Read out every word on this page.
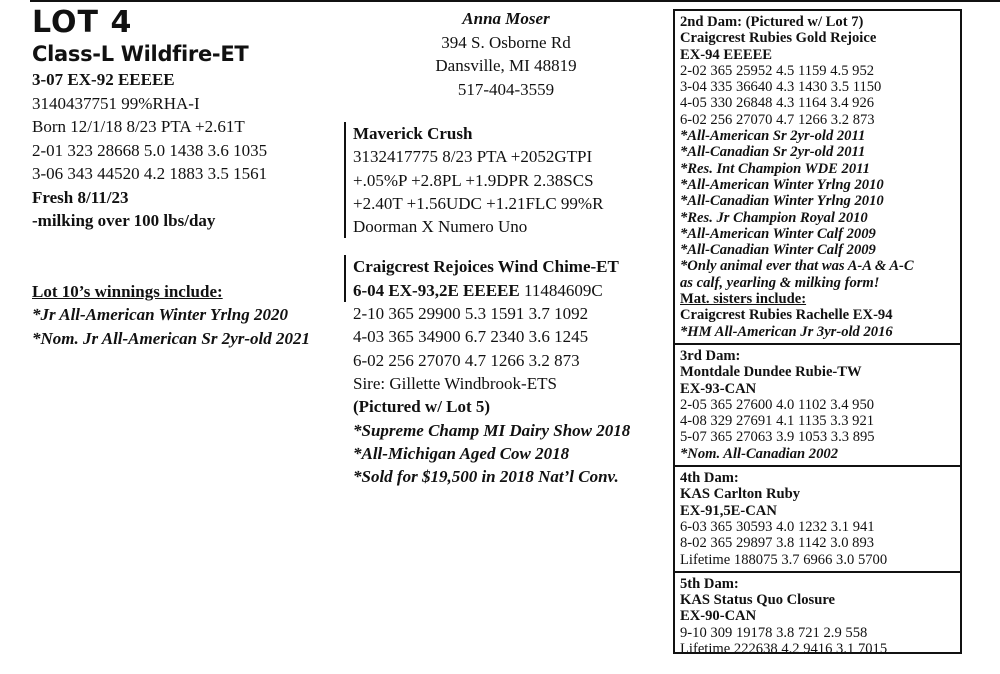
LOT 4
Class-L Wildfire-ET
3-07 EX-92 EEEEE
3140437751 99%RHA-I
Born 12/1/18 8/23 PTA +2.61T
2-01 323 28668 5.0 1438 3.6 1035
3-06 343 44520 4.2 1883 3.5 1561
Fresh 8/11/23
-milking over 100 lbs/day
Lot 10’s winnings include:
*Jr All-American Winter Yrlng 2020
*Nom. Jr All-American Sr 2yr-old 2021
Anna Moser
394 S. Osborne Rd
Dansville, MI 48819
517-404-3559
Maverick Crush
3132417775 8/23 PTA +2052GTPI
+.05%P +2.8PL +1.9DPR 2.38SCS
+2.40T +1.56UDC +1.21FLC 99%R
Doorman X Numero Uno
Craigcrest Rejoices Wind Chime-ET
6-04 EX-93,2E EEEEE 11484609C
2-10 365 29900 5.3 1591 3.7 1092
4-03 365 34900 6.7 2340 3.6 1245
6-02 256 27070 4.7 1266 3.2 873
Sire: Gillette Windbrook-ETS
(Pictured w/ Lot 5)
*Supreme Champ MI Dairy Show 2018
*All-Michigan Aged Cow 2018
*Sold for $19,500 in 2018 Nat’l Conv.
2nd Dam: (Pictured w/ Lot 7)
Craigcrest Rubies Gold Rejoice
EX-94 EEEEE
2-02 365 25952 4.5 1159 4.5 952
3-04 335 36640 4.3 1430 3.5 1150
4-05 330 26848 4.3 1164 3.4 926
6-02 256 27070 4.7 1266 3.2 873
*All-American Sr 2yr-old 2011
*All-Canadian Sr 2yr-old 2011
*Res. Int Champion WDE 2011
*All-American Winter Yrlng 2010
*All-Canadian Winter Yrlng 2010
*Res. Jr Champion Royal 2010
*All-American Winter Calf 2009
*All-Canadian Winter Calf 2009
*Only animal ever that was A-A & A-C
as calf, yearling & milking form!
Mat. sisters include:
Craigcrest Rubies Rachelle EX-94
*HM All-American Jr 3yr-old 2016
3rd Dam:
Montdale Dundee Rubie-TW
EX-93-CAN
2-05 365 27600 4.0 1102 3.4 950
4-08 329 27691 4.1 1135 3.3 921
5-07 365 27063 3.9 1053 3.3 895
*Nom. All-Canadian 2002
4th Dam:
KAS Carlton Ruby
EX-91,5E-CAN
6-03 365 30593 4.0 1232 3.1 941
8-02 365 29897 3.8 1142 3.0 893
Lifetime 188075 3.7 6966 3.0 5700
5th Dam:
KAS Status Quo Closure
EX-90-CAN
9-10 309 19178 3.8 721 2.9 558
Lifetime 222638 4.2 9416 3.1 7015
